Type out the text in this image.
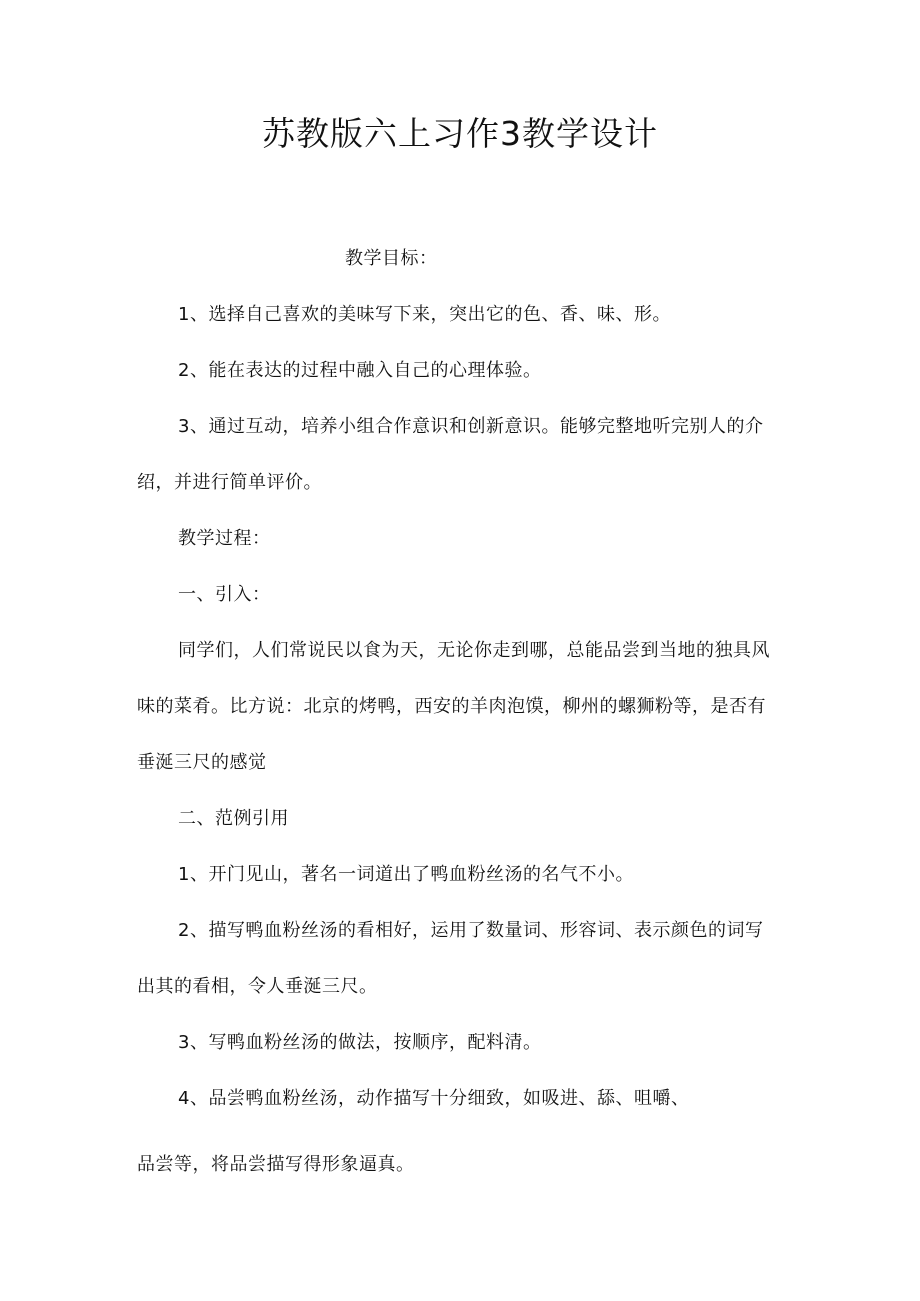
苏教版六上习作3教学设计

教学目标：

1、选择自己喜欢的美味写下来，突出它的色、香、味、形。

2、能在表达的过程中融入自己的心理体验。

3、通过互动，培养小组合作意识和创新意识。能够完整地听完别人的介

绍，并进行简单评价。

教学过程：

一、引入：

同学们，人们常说民以食为天，无论你走到哪，总能品尝到当地的独具风

味的菜肴。比方说：北京的烤鸭，西安的羊肉泡馍，柳州的螺狮粉等，是否有

垂涎三尺的感觉

二、范例引用

1、开门见山，著名一词道出了鸭血粉丝汤的名气不小。

2、描写鸭血粉丝汤的看相好，运用了数量词、形容词、表示颜色的词写

出其的看相，令人垂涎三尺。

3、写鸭血粉丝汤的做法，按顺序，配料清。

4、品尝鸭血粉丝汤，动作描写十分细致，如吸进、舔、咀嚼、

品尝等，将品尝描写得形象逼真。
